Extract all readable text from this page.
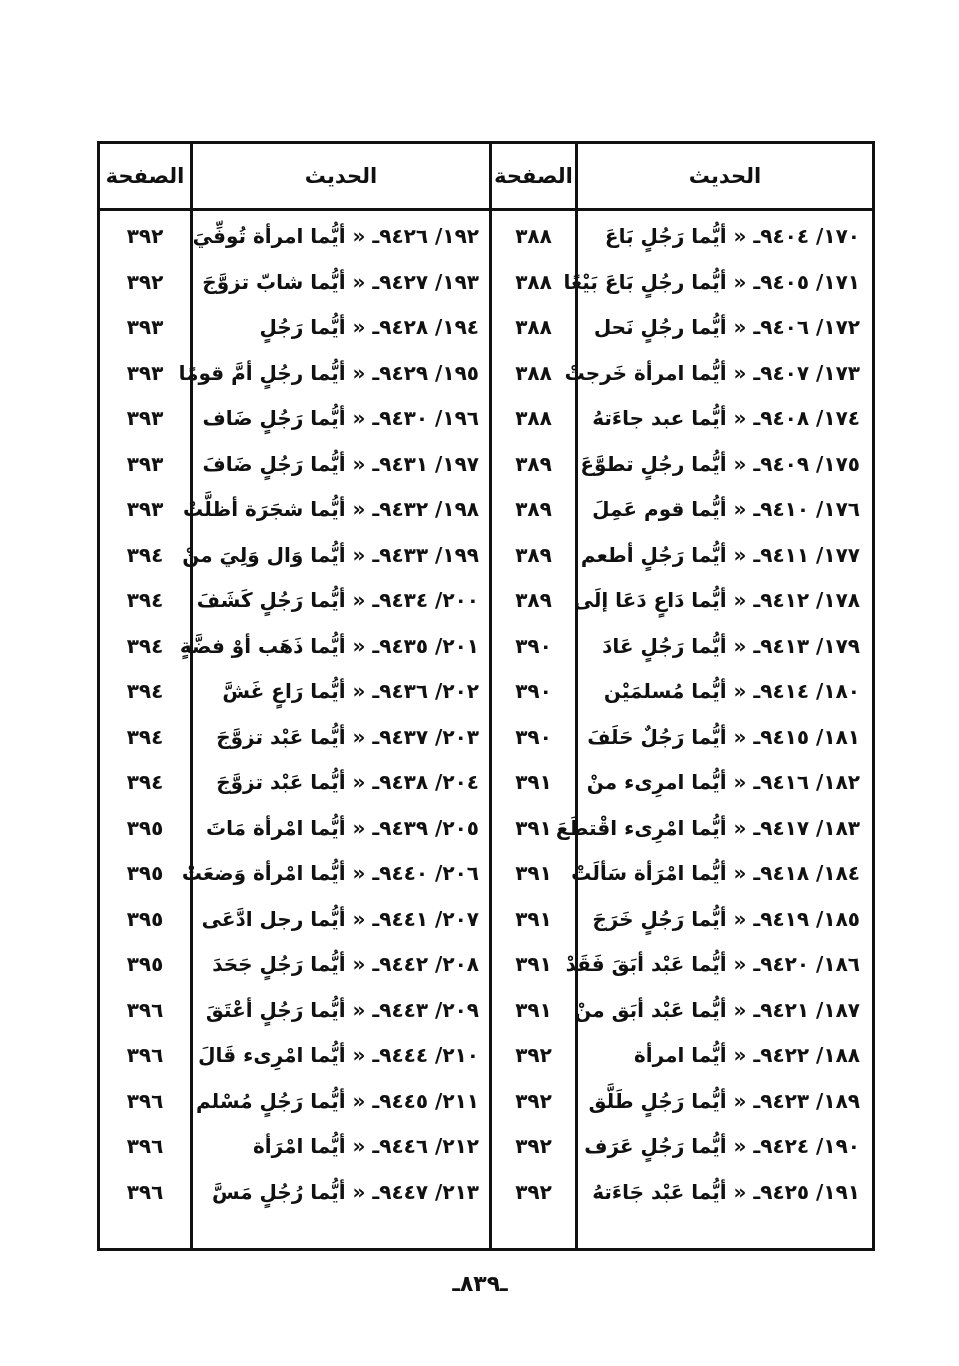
الحديث
الصفحة
الحديث
الصفحة
١٧٠/ ٩٤٠٤ـ « أيُّما رَجُلٍ بَاعَ
٣٨٨
١٩٢/ ٩٤٢٦ـ « أيُّما امرأة تُوفِّيَ
٣٩٢
١٧١/ ٩٤٠٥ـ « أيُّما رجُلٍ بَاعَ بَيْعًا
٣٨٨
١٩٣/ ٩٤٢٧ـ « أيُّما شابّ تزوَّجَ
٣٩٢
١٧٢/ ٩٤٠٦ـ « أيُّما رجُلٍ نَحل
٣٨٨
١٩٤/ ٩٤٢٨ـ « أيُّما رَجُلٍ
٣٩٣
١٧٣/ ٩٤٠٧ـ « أيُّما امرأة خَرجتْ
٣٨٨
١٩٥/ ٩٤٢٩ـ « أيُّما رجُلٍ أمَّ قومًا
٣٩٣
١٧٤/ ٩٤٠٨ـ « أيُّما عبد جاءَتهُ
٣٨٨
١٩٦/ ٩٤٣٠ـ « أيُّما رَجُلٍ ضَاف
٣٩٣
١٧٥/ ٩٤٠٩ـ « أيُّما رجُلٍ تطوَّعَ
٣٨٩
١٩٧/ ٩٤٣١ـ « أيُّما رَجُلٍ ضَافَ
٣٩٣
١٧٦/ ٩٤١٠ـ « أيُّما قوم عَمِلَ
٣٨٩
١٩٨/ ٩٤٣٢ـ « أيُّما شجَرَة أظلَّتْ
٣٩٣
١٧٧/ ٩٤١١ـ « أيُّما رَجُلٍ أطعم
٣٨٩
١٩٩/ ٩٤٣٣ـ « أيُّما وَال وَلِيَ منْ
٣٩٤
١٧٨/ ٩٤١٢ـ « أيُّما دَاعٍ دَعَا إلَى
٣٨٩
٢٠٠/ ٩٤٣٤ـ « أيُّما رَجُلٍ كَشَفَ
٣٩٤
١٧٩/ ٩٤١٣ـ « أيُّما رَجُلٍ عَادَ
٣٩٠
٢٠١/ ٩٤٣٥ـ « أيُّما ذَهَب أوْ فضَّةٍ
٣٩٤
١٨٠/ ٩٤١٤ـ « أيُّما مُسلمَيْن
٣٩٠
٢٠٢/ ٩٤٣٦ـ « أيُّما رَاعٍ غَشَّ
٣٩٤
١٨١/ ٩٤١٥ـ « أيُّما رَجُلٌ حَلَفَ
٣٩٠
٢٠٣/ ٩٤٣٧ـ « أيُّما عَبْد تزوَّجَ
٣٩٤
١٨٢/ ٩٤١٦ـ « أيُّما امرِىء منْ
٣٩١
٢٠٤/ ٩٤٣٨ـ « أيُّما عَبْد تزوَّجَ
٣٩٤
١٨٣/ ٩٤١٧ـ « أيُّما امْرِىء اقْتطَعَ
٣٩١
٢٠٥/ ٩٤٣٩ـ « أيُّما امْرأة مَاتَ
٣٩٥
١٨٤/ ٩٤١٨ـ « أيُّما امْرَأة سَألَتْ
٣٩١
٢٠٦/ ٩٤٤٠ـ « أيُّما امْرأة وَضعَتْ
٣٩٥
١٨٥/ ٩٤١٩ـ « أيُّما رَجُلٍ خَرَجَ
٣٩١
٢٠٧/ ٩٤٤١ـ « أيُّما رجل ادَّعَى
٣٩٥
١٨٦/ ٩٤٢٠ـ « أيُّما عَبْد أبَقَ فَقَدْ
٣٩١
٢٠٨/ ٩٤٤٢ـ « أيُّما رَجُلٍ جَحَدَ
٣٩٥
١٨٧/ ٩٤٢١ـ « أيُّما عَبْد أبَق منْ
٣٩١
٢٠٩/ ٩٤٤٣ـ « أيُّما رَجُلٍ أعْتَقَ
٣٩٦
١٨٨/ ٩٤٢٢ـ « أيُّما امرأة
٣٩٢
٢١٠/ ٩٤٤٤ـ « أيُّما امْرِىء قَالَ
٣٩٦
١٨٩/ ٩٤٢٣ـ « أيُّما رَجُلٍ طَلَّق
٣٩٢
٢١١/ ٩٤٤٥ـ « أيُّما رَجُلٍ مُسْلم
٣٩٦
١٩٠/ ٩٤٢٤ـ « أيُّما رَجُلٍ عَرَف
٣٩٢
٢١٢/ ٩٤٤٦ـ « أيُّما امْرَأة
٣٩٦
١٩١/ ٩٤٢٥ـ « أيُّما عَبْد جَاءَتهُ
٣٩٢
٢١٣/ ٩٤٤٧ـ « أيُّما رُجُلٍ مَسَّ
٣٩٦
ـ٨٣٩ـ
